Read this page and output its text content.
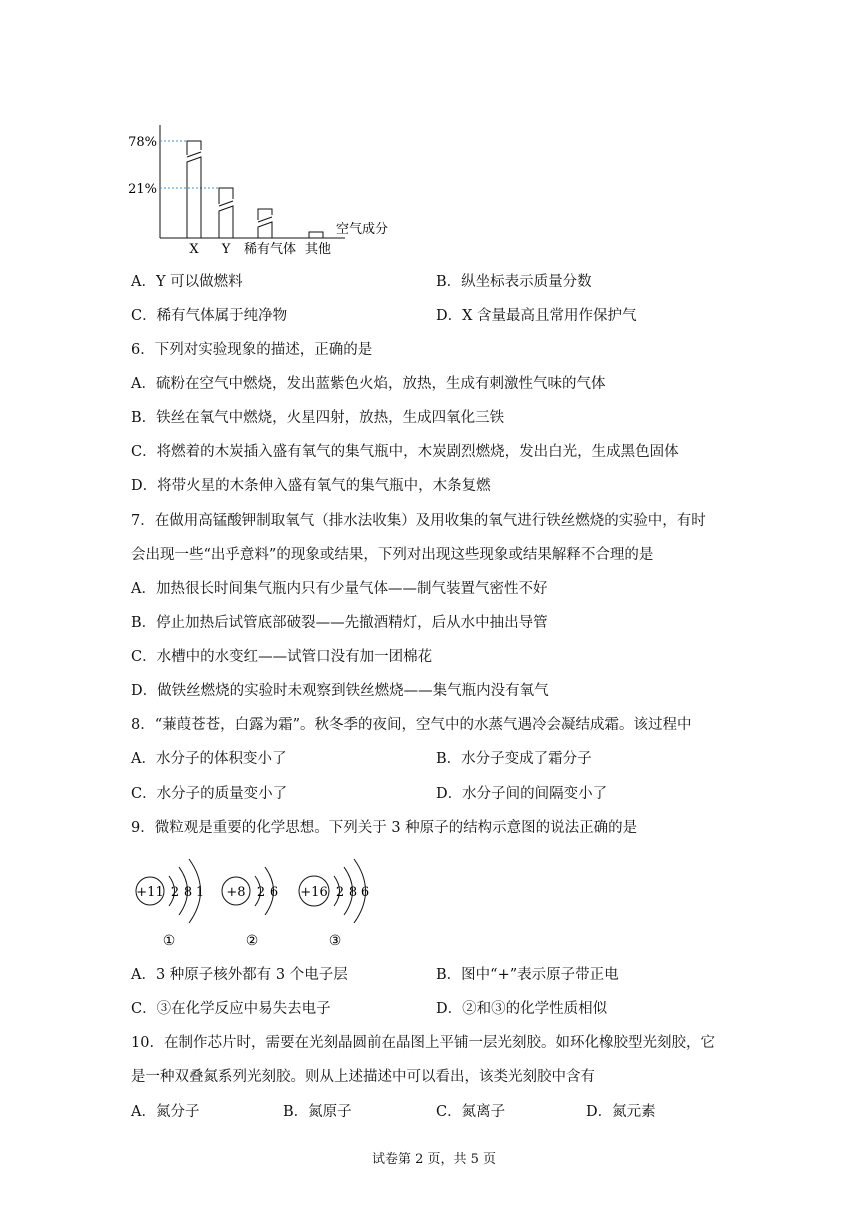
78%
21%
X Y 稀有气体 其他
空气成分
A．Y 可以做燃料	B．纵坐标表示质量分数
C．稀有气体属于纯净物	D．X 含量最高且常用作保护气
6．下列对实验现象的描述，正确的是
A．硫粉在空气中燃烧，发出蓝紫色火焰，放热，生成有刺激性气味的气体
B．铁丝在氧气中燃烧，火星四射，放热，生成四氧化三铁
C．将燃着的木炭插入盛有氧气的集气瓶中，木炭剧烈燃烧，发出白光，生成黑色固体
D．将带火星的木条伸入盛有氧气的集气瓶中，木条复燃
7．在做用高锰酸钾制取氧气（排水法收集）及用收集的氧气进行铁丝燃烧的实验中，有时
会出现一些“出乎意料”的现象或结果，下列对出现这些现象或结果解释不合理的是
A．加热很长时间集气瓶内只有少量气体——制气装置气密性不好
B．停止加热后试管底部破裂——先撤酒精灯，后从水中抽出导管
C．水槽中的水变红——试管口没有加一团棉花
D．做铁丝燃烧的实验时未观察到铁丝燃烧——集气瓶内没有氧气
8．“蒹葭苍苍，白露为霜”。秋冬季的夜间，空气中的水蒸气遇冷会凝结成霜。该过程中
A．水分子的体积变小了	B．水分子变成了霜分子
C．水分子的质量变小了	D．水分子间的间隔变小了
9．微粒观是重要的化学思想。下列关于 3 种原子的结构示意图的说法正确的是
+11 2 8 1
①
+8 2 6
②
+16 2 8 6
③
A．3 种原子核外都有 3 个电子层	B．图中“+”表示原子带正电
C．③在化学反应中易失去电子	D．②和③的化学性质相似
10．在制作芯片时，需要在光刻晶圆前在晶图上平铺一层光刻胶。如环化橡胶型光刻胶，它
是一种双叠氮系列光刻胶。则从上述描述中可以看出，该类光刻胶中含有
A．氮分子	B．氮原子	C．氮离子	D．氮元素
试卷第 2 页，共 5 页
